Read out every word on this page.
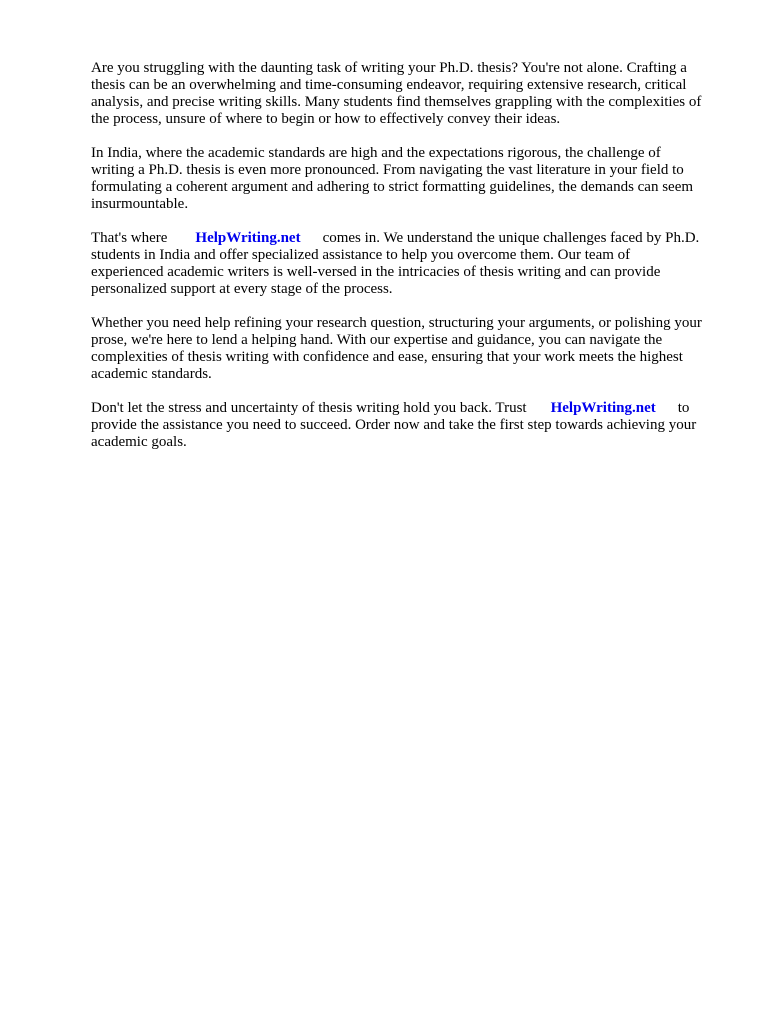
Are you struggling with the daunting task of writing your Ph.D. thesis? You're not alone. Crafting a
thesis can be an overwhelming and time-consuming endeavor, requiring extensive research, critical
analysis, and precise writing skills. Many students find themselves grappling with the complexities of
the process, unsure of where to begin or how to effectively convey their ideas.

In India, where the academic standards are high and the expectations rigorous, the challenge of
writing a Ph.D. thesis is even more pronounced. From navigating the vast literature in your field to
formulating a coherent argument and adhering to strict formatting guidelines, the demands can seem
insurmountable.

That's where HelpWriting.net comes in. We understand the unique challenges faced by Ph.D.
students in India and offer specialized assistance to help you overcome them. Our team of
experienced academic writers is well-versed in the intricacies of thesis writing and can provide
personalized support at every stage of the process.

Whether you need help refining your research question, structuring your arguments, or polishing your
prose, we're here to lend a helping hand. With our expertise and guidance, you can navigate the
complexities of thesis writing with confidence and ease, ensuring that your work meets the highest
academic standards.

Don't let the stress and uncertainty of thesis writing hold you back. Trust HelpWriting.net to
provide the assistance you need to succeed. Order now and take the first step towards achieving your
academic goals.
